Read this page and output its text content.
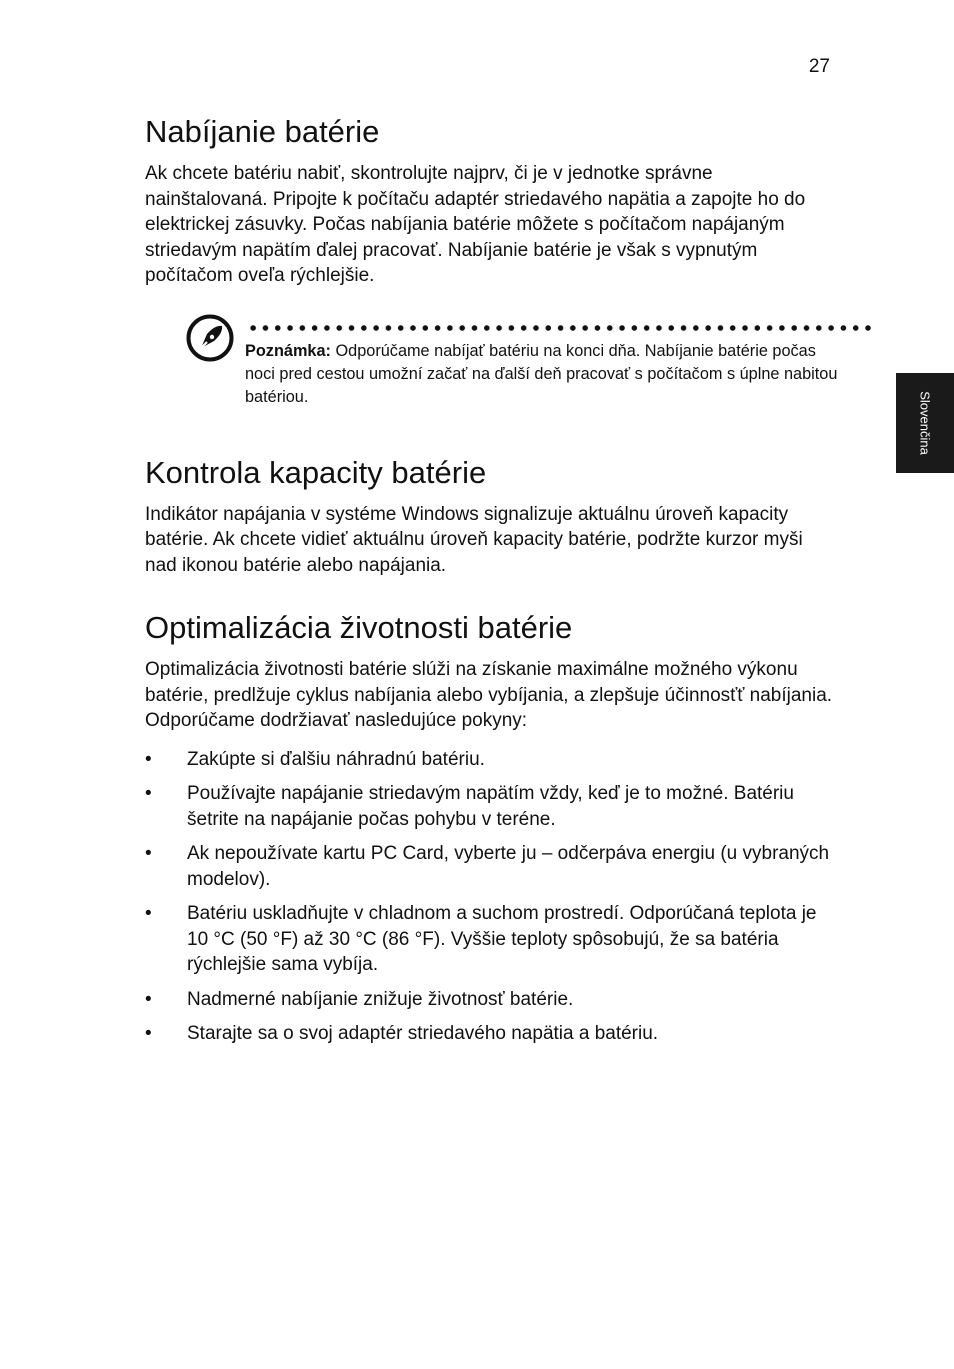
27
Slovenčina
Nabíjanie batérie

Ak chcete batériu nabiť, skontrolujte najprv, či je v jednotke správne nainštalovaná. Pripojte k počítaču adaptér striedavého napätia a zapojte ho do elektrickej zásuvky. Počas nabíjania batérie môžete s počítačom napájaným striedavým napätím ďalej pracovať. Nabíjanie batérie je však s vypnutým počítačom oveľa rýchlejšie.

Poznámka: Odporúčame nabíjať batériu na konci dňa. Nabíjanie batérie počas noci pred cestou umožní začať na ďalší deň pracovať s počítačom s úplne nabitou batériou.
Kontrola kapacity batérie

Indikátor napájania v systéme Windows signalizuje aktuálnu úroveň kapacity batérie. Ak chcete vidieť aktuálnu úroveň kapacity batérie, podržte kurzor myši nad ikonou batérie alebo napájania.

Optimalizácia životnosti batérie

Optimalizácia životnosti batérie slúži na získanie maximálne možného výkonu batérie, predlžuje cyklus nabíjania alebo vybíjania, a zlepšuje účinnosťť nabíjania. Odporúčame dodržiavať nasledujúce pokyny:

• Zakúpte si ďalšiu náhradnú batériu.
• Používajte napájanie striedavým napätím vždy, keď je to možné. Batériu šetrite na napájanie počas pohybu v teréne.
• Ak nepoužívate kartu PC Card, vyberte ju – odčerpáva energiu (u vybraných modelov).
• Batériu uskladňujte v chladnom a suchom prostredí. Odporúčaná teplota je 10 °C (50 °F) až 30 °C (86 °F). Vyššie teploty spôsobujú, že sa batéria rýchlejšie sama vybíja.
• Nadmerné nabíjanie znižuje životnosť batérie.
• Starajte sa o svoj adaptér striedavého napätia a batériu.
